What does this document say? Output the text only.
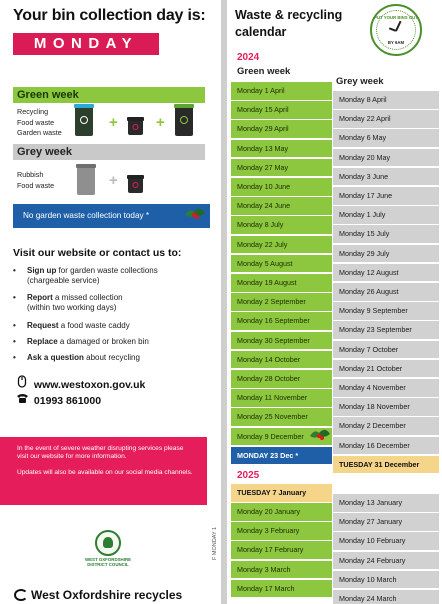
Your bin collection day is:
MONDAY
Green week
Recycling
Food waste
Garden waste
+	+
Grey week
Rubbish
Food waste	+
No garden waste collection today *
Visit our website or contact us to:
• Sign up for garden waste collections
(chargeable service)
• Report a missed collection
(within two working days)
• Request a food waste caddy
• Replace a damaged or broken bin
• Ask a question about recycling
www.westoxon.gov.uk
01993 861000

In the event of severe weather disrupting services please visit our website for more information.

Updates will also be available on our social media channels.

WEST OXFORDSHIRE DISTRICT COUNCIL
West Oxfordshire recycles
F MONDAY 1
Waste & recycling
calendar
PUT YOUR BINS OUT
BY 6AM
2024
Green week
Grey week
2025
Monday 1 April
Monday 15 April
Monday 29 April
Monday 13 May
Monday 27 May
Monday 10 June
Monday 24 June
Monday 8 July
Monday 22 July
Monday 5 August
Monday 19 August
Monday 2 September
Monday 16 September
Monday 30 September
Monday 14 October
Monday 28 October
Monday 11 November
Monday 25 November
Monday 9 December
MONDAY 23 Dec *
Monday 8 April
Monday 22 April
Monday 6 May
Monday 20 May
Monday 3 June
Monday 17 June
Monday 1 July
Monday 15 July
Monday 29 July
Monday 12 August
Monday 26 August
Monday 9 September
Monday 23 September
Monday 7 October
Monday 21 October
Monday 4 November
Monday 18 November
Monday 2 December
Monday 16 December
TUESDAY 31 December
TUESDAY 7 January
Monday 20 January
Monday 3 February
Monday 17 February
Monday 3 March
Monday 17 March
Monday 13 January
Monday 27 January
Monday 10 February
Monday 24 February
Monday 10 March
Monday 24 March
